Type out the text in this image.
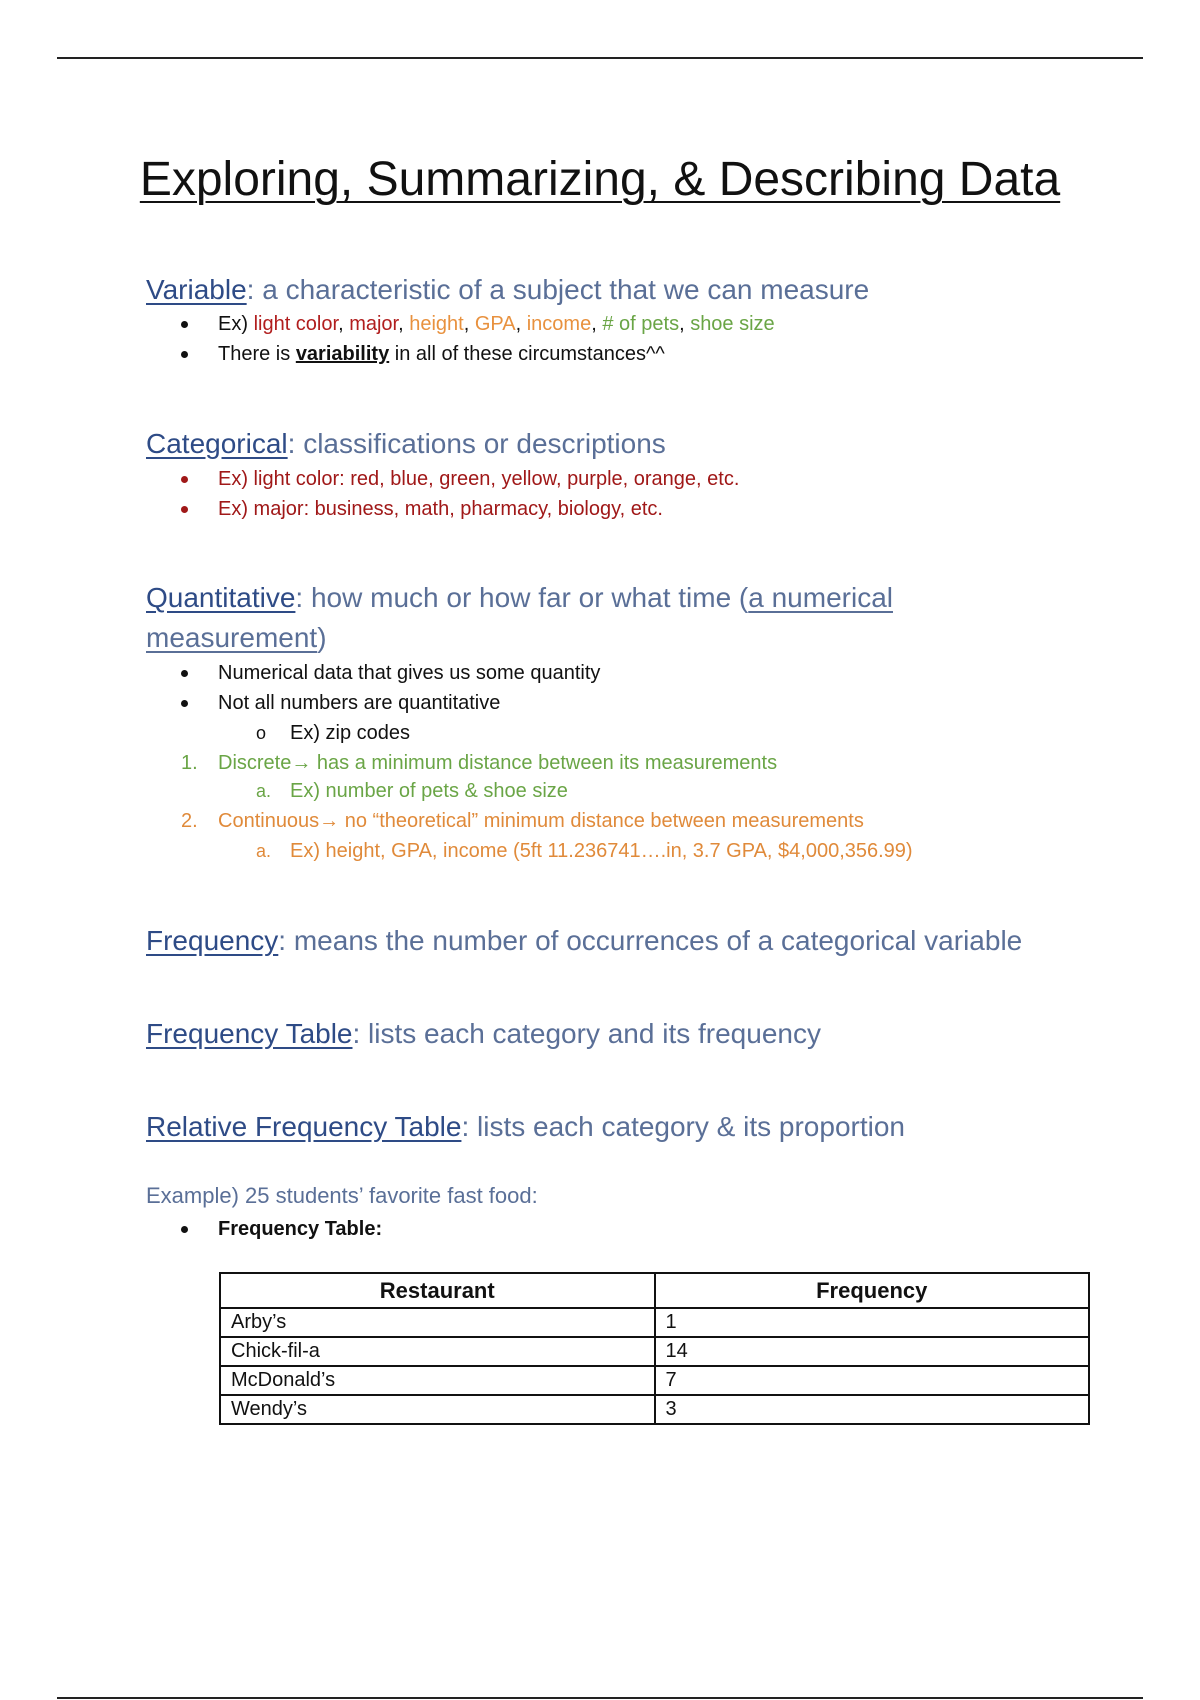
Exploring, Summarizing, & Describing Data
Variable: a characteristic of a subject that we can measure
Ex) light color, major, height, GPA, income, # of pets, shoe size
There is variability in all of these circumstances^^
Categorical: classifications or descriptions
Ex) light color: red, blue, green, yellow, purple, orange, etc.
Ex) major: business, math, pharmacy, biology, etc.
Quantitative: how much or how far or what time (a numerical
measurement)
Numerical data that gives us some quantity
Not all numbers are quantitative
o Ex) zip codes
1. Discrete→ has a minimum distance between its measurements
a. Ex) number of pets & shoe size
2. Continuous→ no “theoretical” minimum distance between measurements
a. Ex) height, GPA, income (5ft 11.236741….in, 3.7 GPA, $4,000,356.99)
Frequency: means the number of occurrences of a categorical variable
Frequency Table: lists each category and its frequency
Relative Frequency Table: lists each category & its proportion
Example) 25 students’ favorite fast food:
Frequency Table:
Restaurant	Frequency
Arby’s	1
Chick-fil-a	14
McDonald’s	7
Wendy’s	3
